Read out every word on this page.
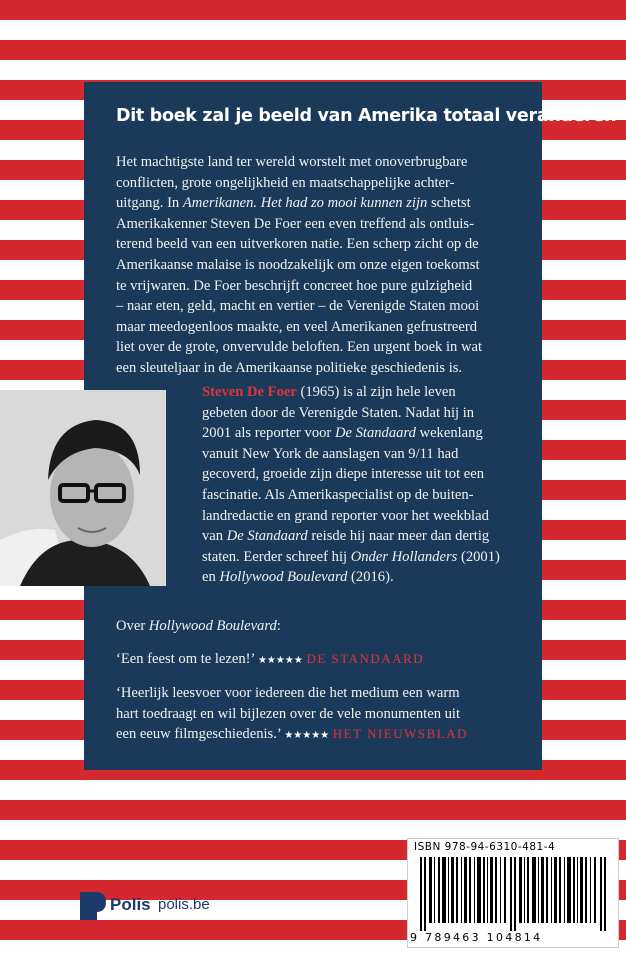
Dit boek zal je beeld van Amerika totaal veranderen
Het machtigste land ter wereld worstelt met onoverbrugbare
conflicten, grote ongelijkheid en maatschappelijke achter-
uitgang. In Amerikanen. Het had zo mooi kunnen zijn schetst
Amerikakenner Steven De Foer een even treffend als ontluis-
terend beeld van een uitverkoren natie. Een scherp zicht op de
Amerikaanse malaise is noodzakelijk om onze eigen toekomst
te vrijwaren. De Foer beschrijft concreet hoe pure gulzigheid
– naar eten, geld, macht en vertier – de Verenigde Staten mooi
maar meedogenloos maakte, en veel Amerikanen gefrustreerd
liet over de grote, onvervulde beloften. Een urgent boek in wat
een sleuteljaar in de Amerikaanse politieke geschiedenis is.
Steven De Foer (1965) is al zijn hele leven
gebeten door de Verenigde Staten. Nadat hij in
2001 als reporter voor De Standaard wekenlang
vanuit New York de aanslagen van 9/11 had
gecoverd, groeide zijn diepe interesse uit tot een
fascinatie. Als Amerikaspecialist op de buiten-
landredactie en grand reporter voor het weekblad
van De Standaard reisde hij naar meer dan dertig
staten. Eerder schreef hij Onder Hollanders (2001)
en Hollywood Boulevard (2016).
Over Hollywood Boulevard:
‘Een feest om te lezen!’ ★★★★★ DE STANDAARD
‘Heerlijk leesvoer voor iedereen die het medium een warm
hart toedraagt en wil bijlezen over de vele monumenten uit
een eeuw filmgeschiedenis.’ ★★★★★ HET NIEUWSBLAD
ISBN 978-94-6310-481-4
9 789463 104814
Polis polis.be
